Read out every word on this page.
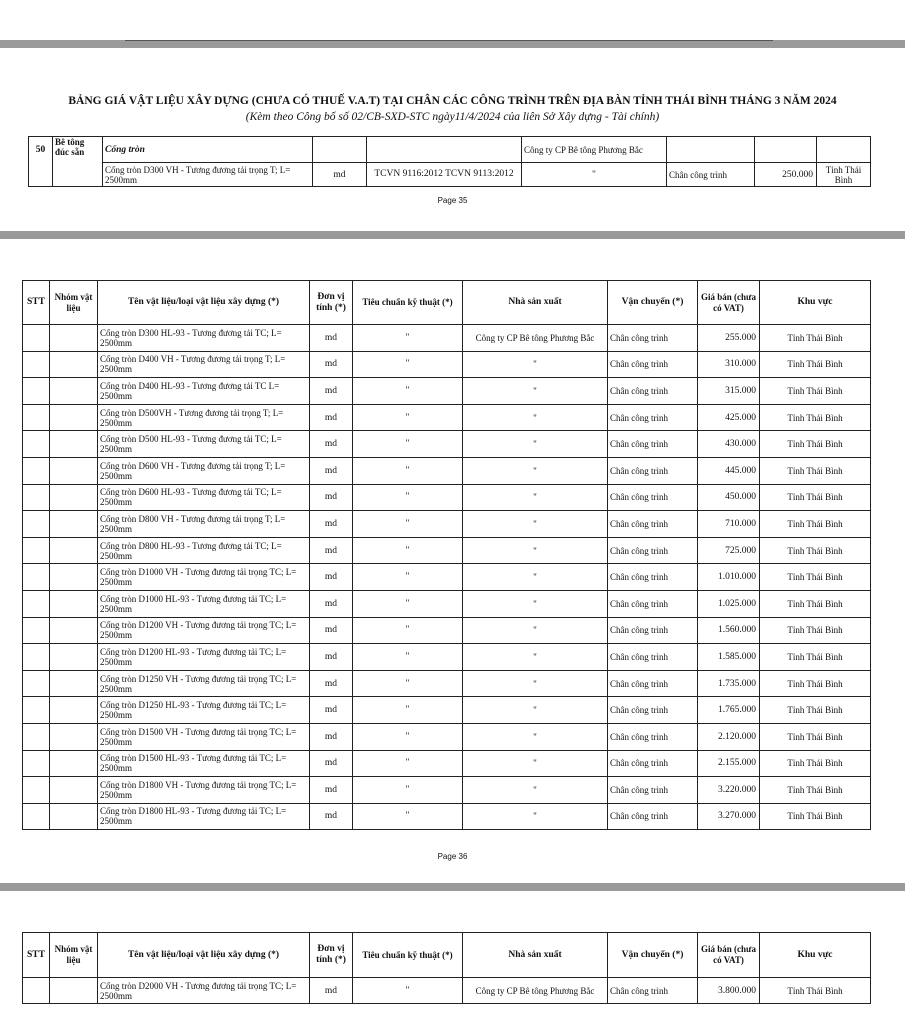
BẢNG GIÁ VẬT LIỆU XÂY DỰNG (CHƯA CÓ THUẾ V.A.T) TẠI CHÂN CÁC CÔNG TRÌNH TRÊN ĐỊA BÀN TỈNH THÁI BÌNH THÁNG 3 NĂM 2024
(Kèm theo Công bố số 02/CB-SXD-STC ngày11/4/2024 của liên Sở Xây dựng - Tài chính)
50	Bê tông đúc sẵn	Cống tròn			Công ty CP Bê tông Phương Bắc			
		Cống tròn D300 VH - Tương đương tải trọng T; L= 2500mm	md	TCVN 9116:2012 TCVN 9113:2012	"	Chân công trình	250.000	Tỉnh Thái Bình
Page 35
STT	Nhóm vật liệu	Tên vật liệu/loại vật liệu xây dựng (*)	Đơn vị tính (*)	Tiêu chuẩn kỹ thuật (*)	Nhà sản xuất	Vận chuyển (*)	Giá bán (chưa có VAT)	Khu vực
		Cống tròn D300 HL-93 - Tương đương tải TC; L= 2500mm	md	"	Công ty CP Bê tông Phương Bắc	Chân công trình	255.000	Tỉnh Thái Bình
		Cống tròn D400 VH - Tương đương tải trọng T; L= 2500mm	md	"	"	Chân công trình	310.000	Tỉnh Thái Bình
		Cống tròn D400 HL-93 - Tương đương tải TC L= 2500mm	md	"	"	Chân công trình	315.000	Tỉnh Thái Bình
		Cống tròn D500VH - Tương đương tải trọng T; L= 2500mm	md	"	"	Chân công trình	425.000	Tỉnh Thái Bình
		Cống tròn D500 HL-93 - Tương đương tải TC; L= 2500mm	md	"	"	Chân công trình	430.000	Tỉnh Thái Bình
		Cống tròn D600 VH - Tương đương tải trọng T; L= 2500mm	md	"	"	Chân công trình	445.000	Tỉnh Thái Bình
		Cống tròn D600 HL-93 - Tương đương tải TC; L= 2500mm	md	"	"	Chân công trình	450.000	Tỉnh Thái Bình
		Cống tròn D800 VH - Tương đương tải trọng T; L= 2500mm	md	"	"	Chân công trình	710.000	Tỉnh Thái Bình
		Cống tròn D800 HL-93 - Tương đương tải TC; L= 2500mm	md	"	"	Chân công trình	725.000	Tỉnh Thái Bình
		Cống tròn D1000 VH - Tương đương tải trọng TC; L= 2500mm	md	"	"	Chân công trình	1.010.000	Tỉnh Thái Bình
		Cống tròn D1000 HL-93 - Tương đương tải TC; L= 2500mm	md	"	"	Chân công trình	1.025.000	Tỉnh Thái Bình
		Cống tròn D1200 VH - Tương đương tải trọng TC; L= 2500mm	md	"	"	Chân công trình	1.560.000	Tỉnh Thái Bình
		Cống tròn D1200 HL-93 - Tương đương tải TC; L= 2500mm	md	"	"	Chân công trình	1.585.000	Tỉnh Thái Bình
		Cống tròn D1250 VH - Tương đương tải trọng TC; L= 2500mm	md	"	"	Chân công trình	1.735.000	Tỉnh Thái Bình
		Cống tròn D1250 HL-93 - Tương đương tải TC; L= 2500mm	md	"	"	Chân công trình	1.765.000	Tỉnh Thái Bình
		Cống tròn D1500 VH - Tương đương tải trọng TC; L= 2500mm	md	"	"	Chân công trình	2.120.000	Tỉnh Thái Bình
		Cống tròn D1500 HL-93 - Tương đương tải TC; L= 2500mm	md	"	"	Chân công trình	2.155.000	Tỉnh Thái Bình
		Cống tròn D1800 VH - Tương đương tải trọng TC; L= 2500mm	md	"	"	Chân công trình	3.220.000	Tỉnh Thái Bình
		Cống tròn D1800 HL-93 - Tương đương tải TC; L= 2500mm	md	"	"	Chân công trình	3.270.000	Tỉnh Thái Bình
Page 36
STT	Nhóm vật liệu	Tên vật liệu/loại vật liệu xây dựng (*)	Đơn vị tính (*)	Tiêu chuẩn kỹ thuật (*)	Nhà sản xuất	Vận chuyển (*)	Giá bán (chưa có VAT)	Khu vực
		Cống tròn D2000 VH - Tương đương tải trọng TC; L= 2500mm	md	"	Công ty CP Bê tông Phương Bắc	Chân công trình	3.800.000	Tỉnh Thái Bình
